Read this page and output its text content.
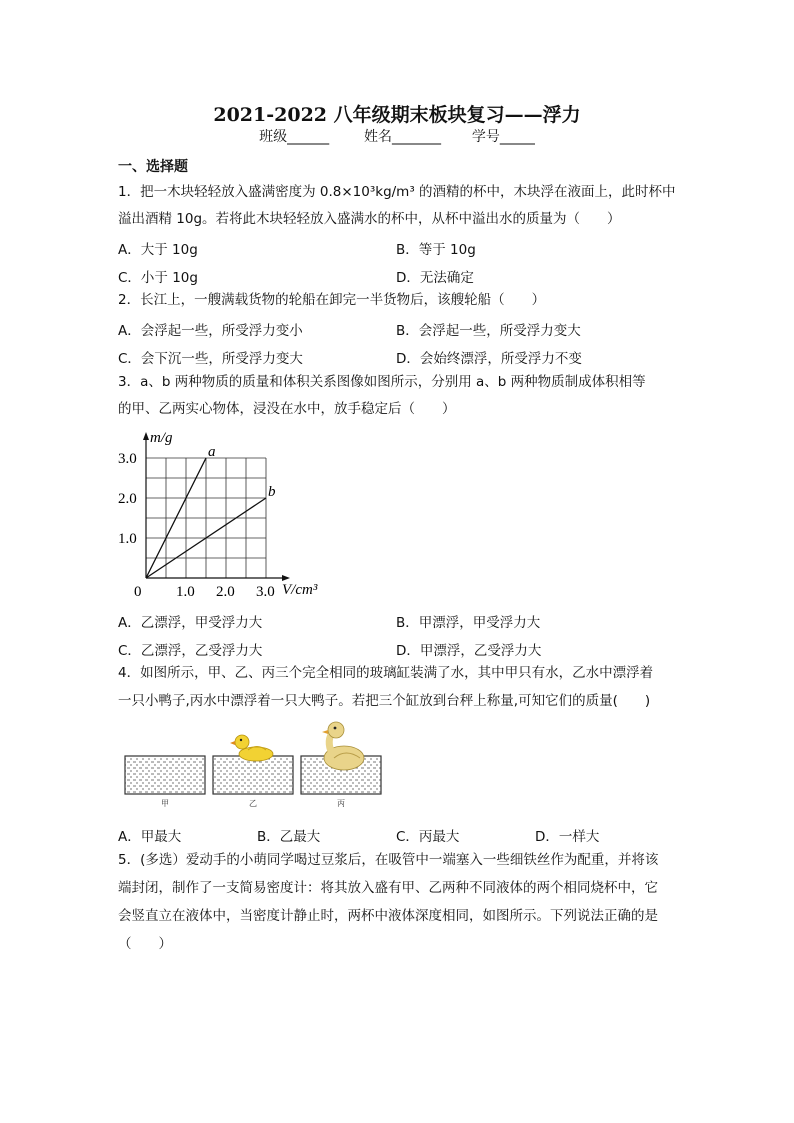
2021-2022 八年级期末板块复习——浮力
班级______ 姓名_______ 学号_____
一、选择题
1．把一木块轻轻放入盛满密度为 0.8×10³kg/m³ 的酒精的杯中，木块浮在液面上，此时杯中
溢出酒精 10g。若将此木块轻轻放入盛满水的杯中，从杯中溢出水的质量为（　　）
A．大于 10g	B．等于 10g
C．小于 10g	D．无法确定
2．长江上，一艘满载货物的轮船在卸完一半货物后，该艘轮船（　　）
A．会浮起一些，所受浮力变小	B．会浮起一些，所受浮力变大
C．会下沉一些，所受浮力变大	D．会始终漂浮，所受浮力不变
3．a、b 两种物质的质量和体积关系图像如图所示，分别用 a、b 两种物质制成体积相等
的甲、乙两实心物体，浸没在水中，放手稳定后（　　）
a
b
0 1.0 2.0 3.0
1.0
2.0
3.0
m/g
V/cm³
A．乙漂浮，甲受浮力大	B．甲漂浮，甲受浮力大
C．乙漂浮，乙受浮力大	D．甲漂浮，乙受浮力大
4．如图所示，甲、乙、丙三个完全相同的玻璃缸装满了水，其中甲只有水，乙水中漂浮着
一只小鸭子,丙水中漂浮着一只大鸭子。若把三个缸放到台秤上称量,可知它们的质量(　　)
甲	乙	丙
A．甲最大	B．乙最大	C．丙最大	D．一样大
5．(多选）爱动手的小萌同学喝过豆浆后，在吸管中一端塞入一些细铁丝作为配重，并将该
端封闭，制作了一支简易密度计：将其放入盛有甲、乙两种不同液体的两个相同烧杯中，它
会竖直立在液体中，当密度计静止时，两杯中液体深度相同，如图所示。下列说法正确的是
（　　）
